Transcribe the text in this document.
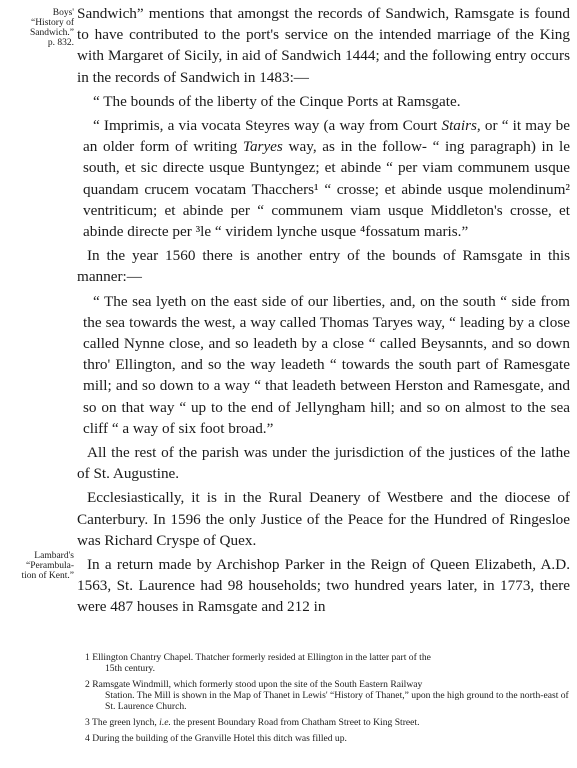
Boys'
“History of
Sandwich.”
p. 832.
Lambard's
“Perambula-
tion of Kent.”

Sandwich” mentions that amongst the records of Sandwich, Ramsgate is found to have contributed to the port's service on the intended marriage of the King with Margaret of Sicily, in aid of Sandwich 1444; and the following entry occurs in the records of Sandwich in 1483:—

“ The bounds of the liberty of the Cinque Ports at Ramsgate.

“ Imprimis, a via vocata Steyres way (a way from Court Stairs, or “ it may be an older form of writing Taryes way, as in the follow- “ ing paragraph) in le south, et sic directe usque Buntyngez; et abinde “ per viam communem usque quandam crucem vocatam Thacchers¹ “ crosse; et abinde usque molendinum² ventriticum; et abinde per “ communem viam usque Middleton's crosse, et abinde directe per ³le “ viridem lynche usque ⁴fossatum maris.”

In the year 1560 there is another entry of the bounds of Ramsgate in this manner:—

“ The sea lyeth on the east side of our liberties, and, on the south “ side from the sea towards the west, a way called Thomas Taryes way, “ leading by a close called Nynne close, and so leadeth by a close “ called Beysannts, and so down thro' Ellington, and so the way leadeth “ towards the south part of Ramesgate mill; and so down to a way “ that leadeth between Herston and Ramesgate, and so on that way “ up to the end of Jellyngham hill; and so on almost to the sea cliff “ a way of six foot broad.”

All the rest of the parish was under the jurisdiction of the justices of the lathe of St. Augustine.

Ecclesiastically, it is in the Rural Deanery of Westbere and the diocese of Canterbury. In 1596 the only Justice of the Peace for the Hundred of Ringesloe was Richard Cryspe of Quex.

In a return made by Archishop Parker in the Reign of Queen Elizabeth, A.D. 1563, St. Laurence had 98 households; two hundred years later, in 1773, there were 487 houses in Ramsgate and 212 in

1 Ellington Chantry Chapel. Thatcher formerly resided at Ellington in the latter part of the
15th century.

2 Ramsgate Windmill, which formerly stood upon the site of the South Eastern Railway
Station. The Mill is shown in the Map of Thanet in Lewis' “History of Thanet,” upon the high ground to the north-east of St. Laurence Church.

3 The green lynch, i.e. the present Boundary Road from Chatham Street to King Street.

4 During the building of the Granville Hotel this ditch was filled up.
